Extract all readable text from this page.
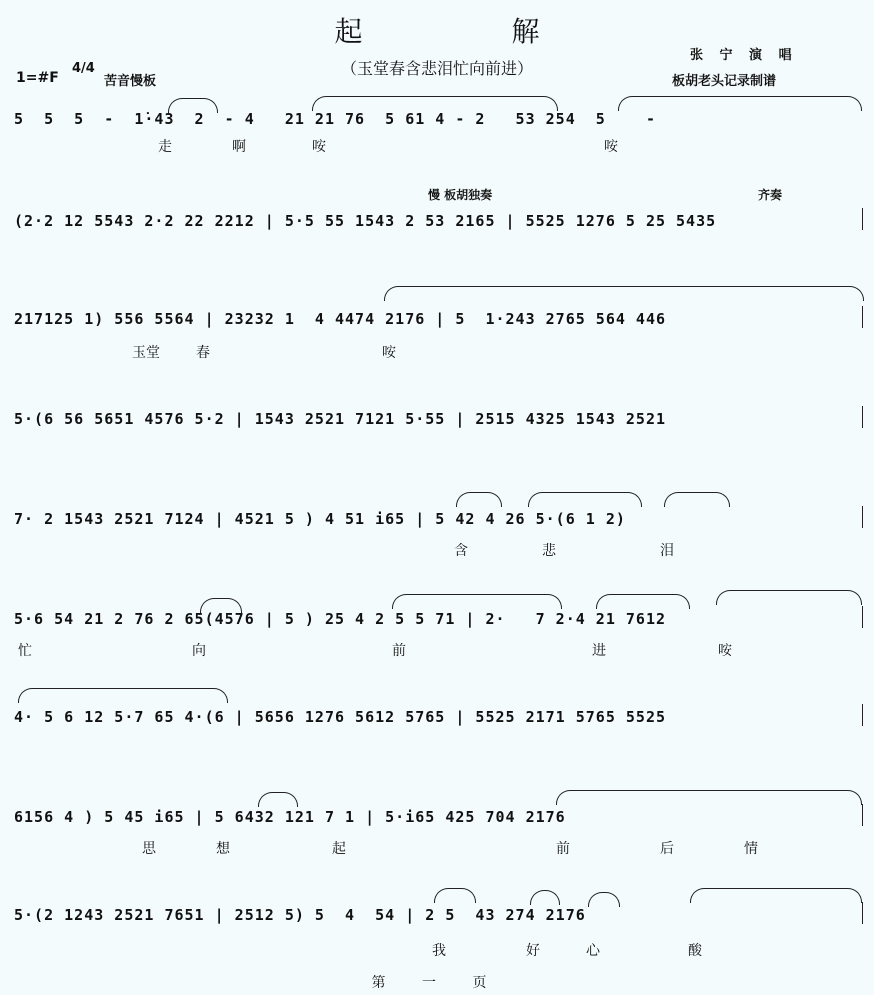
起 解
（玉堂春含悲泪忙向前进）
张 宁 演 唱
板胡老头记录制谱
1=#F
4/4
苦音慢板
5  5  5  -  1̇·43  2  - 4   21 21 76  5 61 4 - 2   53 254  5    -
走	啊	咹	咹
慢 板胡独奏	齐奏
(2·2 12 5543 2·2 22 2212 | 5·5 55 1543 2 53 2165 | 5525 1276 5 25 5435
217125 1) 556 5564 | 23232 1  4 4474 2176 | 5  1·243 2765 564 446
玉堂	春	咹
5·(6 56 5651 4576 5·2 | 1543 2521 7121 5·55 | 2515 4325 1543 2521
7· 2 1543 2521 7124 | 4521 5 ) 4 51 i65 | 5 42 4 26 5·(6 1 2)
含	悲	泪
5·6 54 21 2 76 2 65(4576 | 5 ) 25 4 2 5 5 71 | 2·   7 2·4 21 7612
忙	向	前	进	咹
4· 5 6 12 5·7 65 4·(6 | 5656 1276 5612 5765 | 5525 2171 5765 5525
6156 4 ) 5 45 i65 | 5 6432 121 7 1 | 5·i65 425 704 2176
思	想	起	前	后	情
5·(2 1243 2521 7651 | 2512 5) 5  4  54 | 2 5  43 274 2176
我	好	心	酸
第 一 页
